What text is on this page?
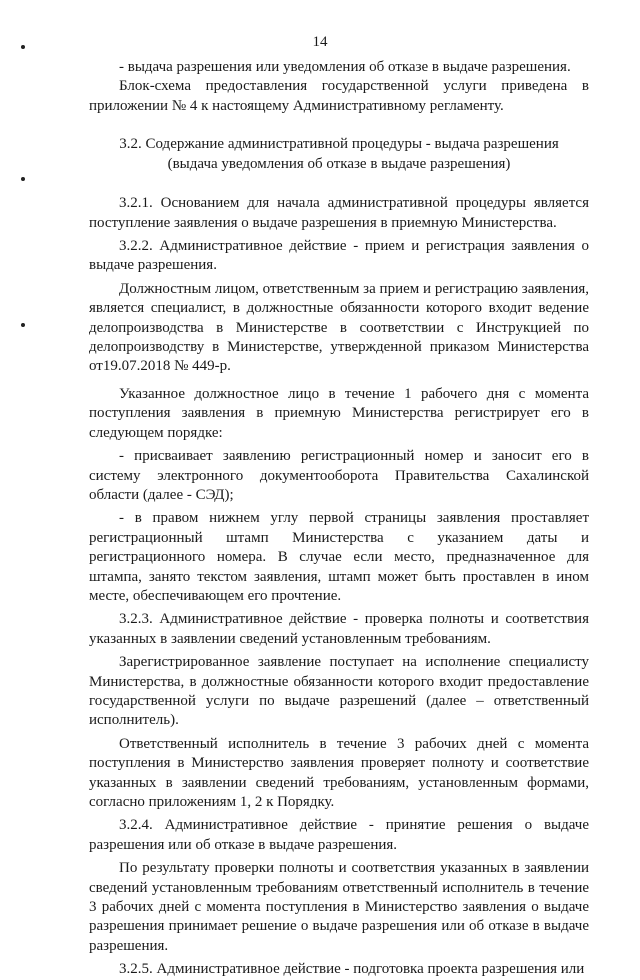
14

- выдача разрешения или уведомления об отказе в выдаче разрешения.

Блок-схема предоставления государственной услуги приведена в приложении № 4 к настоящему Административному регламенту.

3.2. Содержание административной процедуры - выдача разрешения
(выдача уведомления об отказе в выдаче разрешения)

3.2.1. Основанием для начала административной процедуры является поступление заявления о выдаче разрешения в приемную Министерства.

3.2.2. Административное действие - прием и регистрация заявления о выдаче разрешения.

Должностным лицом, ответственным за прием и регистрацию заявления, является специалист, в должностные обязанности которого входит ведение делопроизводства в Министерстве в соответствии с Инструкцией по делопроизводству в Министерстве, утвержденной приказом Министерства от19.07.2018 № 449-р.

Указанное должностное лицо в течение 1 рабочего дня с момента поступления заявления в приемную Министерства регистрирует его в следующем порядке:

- присваивает заявлению регистрационный номер и заносит его в систему электронного документооборота Правительства Сахалинской области (далее - СЭД);

- в правом нижнем углу первой страницы заявления проставляет регистрационный штамп Министерства с указанием даты и регистрационного номера. В случае если место, предназначенное для штампа, занято текстом заявления, штамп может быть проставлен в ином месте, обеспечивающем его прочтение.

3.2.3. Административное действие - проверка полноты и соответствия указанных в заявлении сведений установленным требованиям.

Зарегистрированное заявление поступает на исполнение специалисту Министерства, в должностные обязанности которого входит предоставление государственной услуги по выдаче разрешений (далее – ответственный исполнитель).

Ответственный исполнитель в течение 3 рабочих дней с момента поступления в Министерство заявления проверяет полноту и соответствие указанных в заявлении сведений требованиям, установленным формами, согласно приложениям 1, 2 к Порядку.

3.2.4. Административное действие - принятие решения о выдаче разрешения или об отказе в выдаче разрешения.

По результату проверки полноты и соответствия указанных в заявлении сведений установленным требованиям ответственный исполнитель в течение 3 рабочих дней с момента поступления в Министерство заявления о выдаче разрешения принимает решение о выдаче разрешения или об отказе в выдаче разрешения.

3.2.5. Административное действие - подготовка проекта разрешения или
